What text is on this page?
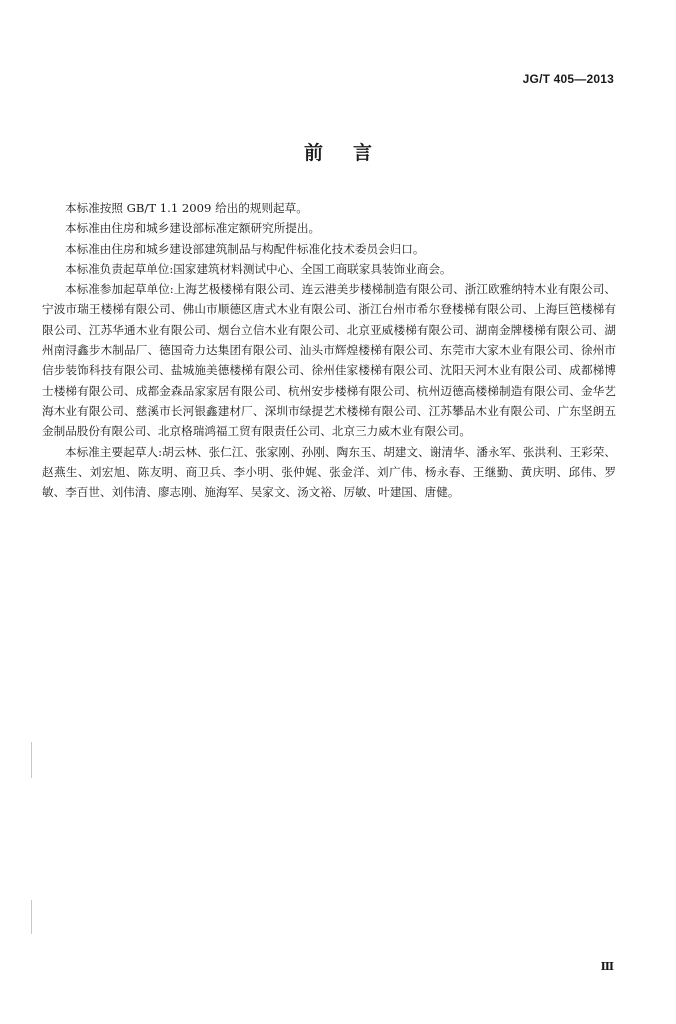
JG/T 405—2013
前言

本标准按照 GB/T 1.1 2009 给出的规则起草。

本标准由住房和城乡建设部标准定额研究所提出。

本标准由住房和城乡建设部建筑制品与构配件标准化技术委员会归口。

本标准负责起草单位:国家建筑材料测试中心、全国工商联家具装饰业商会。

本标准参加起草单位:上海艺极楼梯有限公司、连云港美步楼梯制造有限公司、浙江欧雅纳特木业有限公司、宁波市瑞王楼梯有限公司、佛山市顺德区唐式木业有限公司、浙江台州市希尔登楼梯有限公司、上海巨笆楼梯有限公司、江苏华通木业有限公司、烟台立信木业有限公司、北京亚威楼梯有限公司、湖南金牌楼梯有限公司、湖州南浔鑫步木制品厂、德国奇力达集团有限公司、汕头市辉煌楼梯有限公司、东莞市大家木业有限公司、徐州市信步装饰科技有限公司、盐城施美德楼梯有限公司、徐州佳家楼梯有限公司、沈阳天河木业有限公司、成都梯博士楼梯有限公司、成都金森品家家居有限公司、杭州安步楼梯有限公司、杭州迈德高楼梯制造有限公司、金华艺海木业有限公司、慈溪市长河银鑫建材厂、深圳市绿提艺术楼梯有限公司、江苏攀品木业有限公司、广东坚朗五金制品股份有限公司、北京格瑞鸿福工贸有限责任公司、北京三力威木业有限公司。

本标准主要起草人:胡云林、张仁江、张家刚、孙刚、陶东玉、胡建文、谢清华、潘永军、张洪利、王彩荣、赵燕生、刘宏旭、陈友明、商卫兵、李小明、张仲娓、张金洋、刘广伟、杨永春、王继勤、黄庆明、邱伟、罗敏、李百世、刘伟清、廖志刚、施海军、吴家文、汤文裕、厉敏、叶建国、唐健。

Ⅲ
